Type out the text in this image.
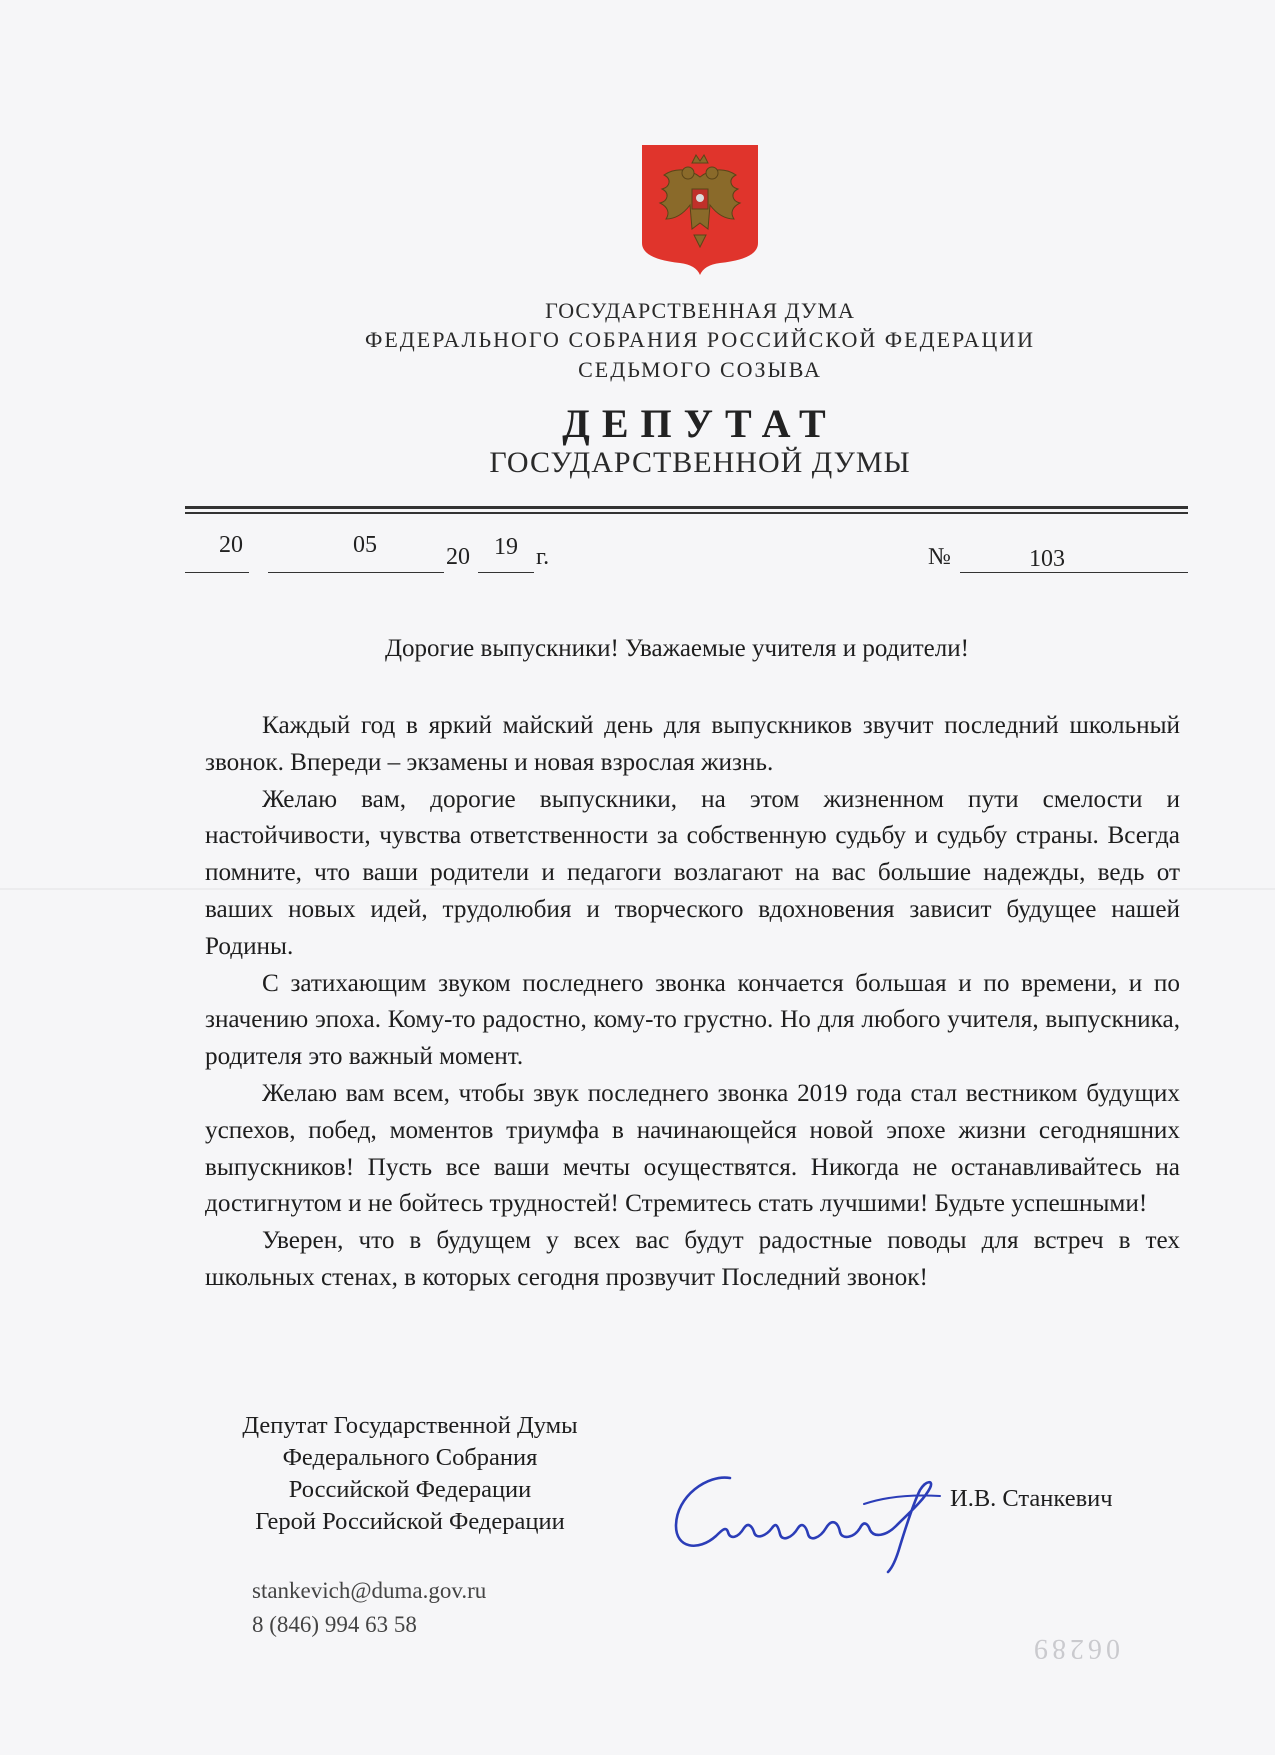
ГОСУДАРСТВЕННАЯ ДУМА
ФЕДЕРАЛЬНОГО СОБРАНИЯ РОССИЙСКОЙ ФЕДЕРАЦИИ
СЕДЬМОГО СОЗЫВА
ДЕПУТАТ
ГОСУДАРСТВЕННОЙ ДУМЫ
20	05	20	19 г.	№	103
Дорогие выпускники! Уважаемые учителя и родители!

Каждый год в яркий майский день для выпускников звучит последний школьный звонок. Впереди – экзамены и новая взрослая жизнь.

Желаю вам, дорогие выпускники, на этом жизненном пути смелости и настойчивости, чувства ответственности за собственную судьбу и судьбу страны. Всегда помните, что ваши родители и педагоги возлагают на вас большие надежды, ведь от ваших новых идей, трудолюбия и творческого вдохновения зависит будущее нашей Родины.

С затихающим звуком последнего звонка кончается большая и по времени, и по значению эпоха. Кому-то радостно, кому-то грустно. Но для любого учителя, выпускника, родителя это важный момент.

Желаю вам всем, чтобы звук последнего звонка 2019 года стал вестником будущих успехов, побед, моментов триумфа в начинающейся новой эпохе жизни сегодняшних выпускников! Пусть все ваши мечты осуществятся. Никогда не останавливайтесь на достигнутом и не бойтесь трудностей! Стремитесь стать лучшими! Будьте успешными!

Уверен, что в будущем у всех вас будут радостные поводы для встреч в тех школьных стенах, в которых сегодня прозвучит Последний звонок!

Депутат Государственной Думы
Федерального Собрания
Российской Федерации
Герой Российской Федерации
И.В. Станкевич
stankevich@duma.gov.ru
8 (846) 994 63 58
06289
